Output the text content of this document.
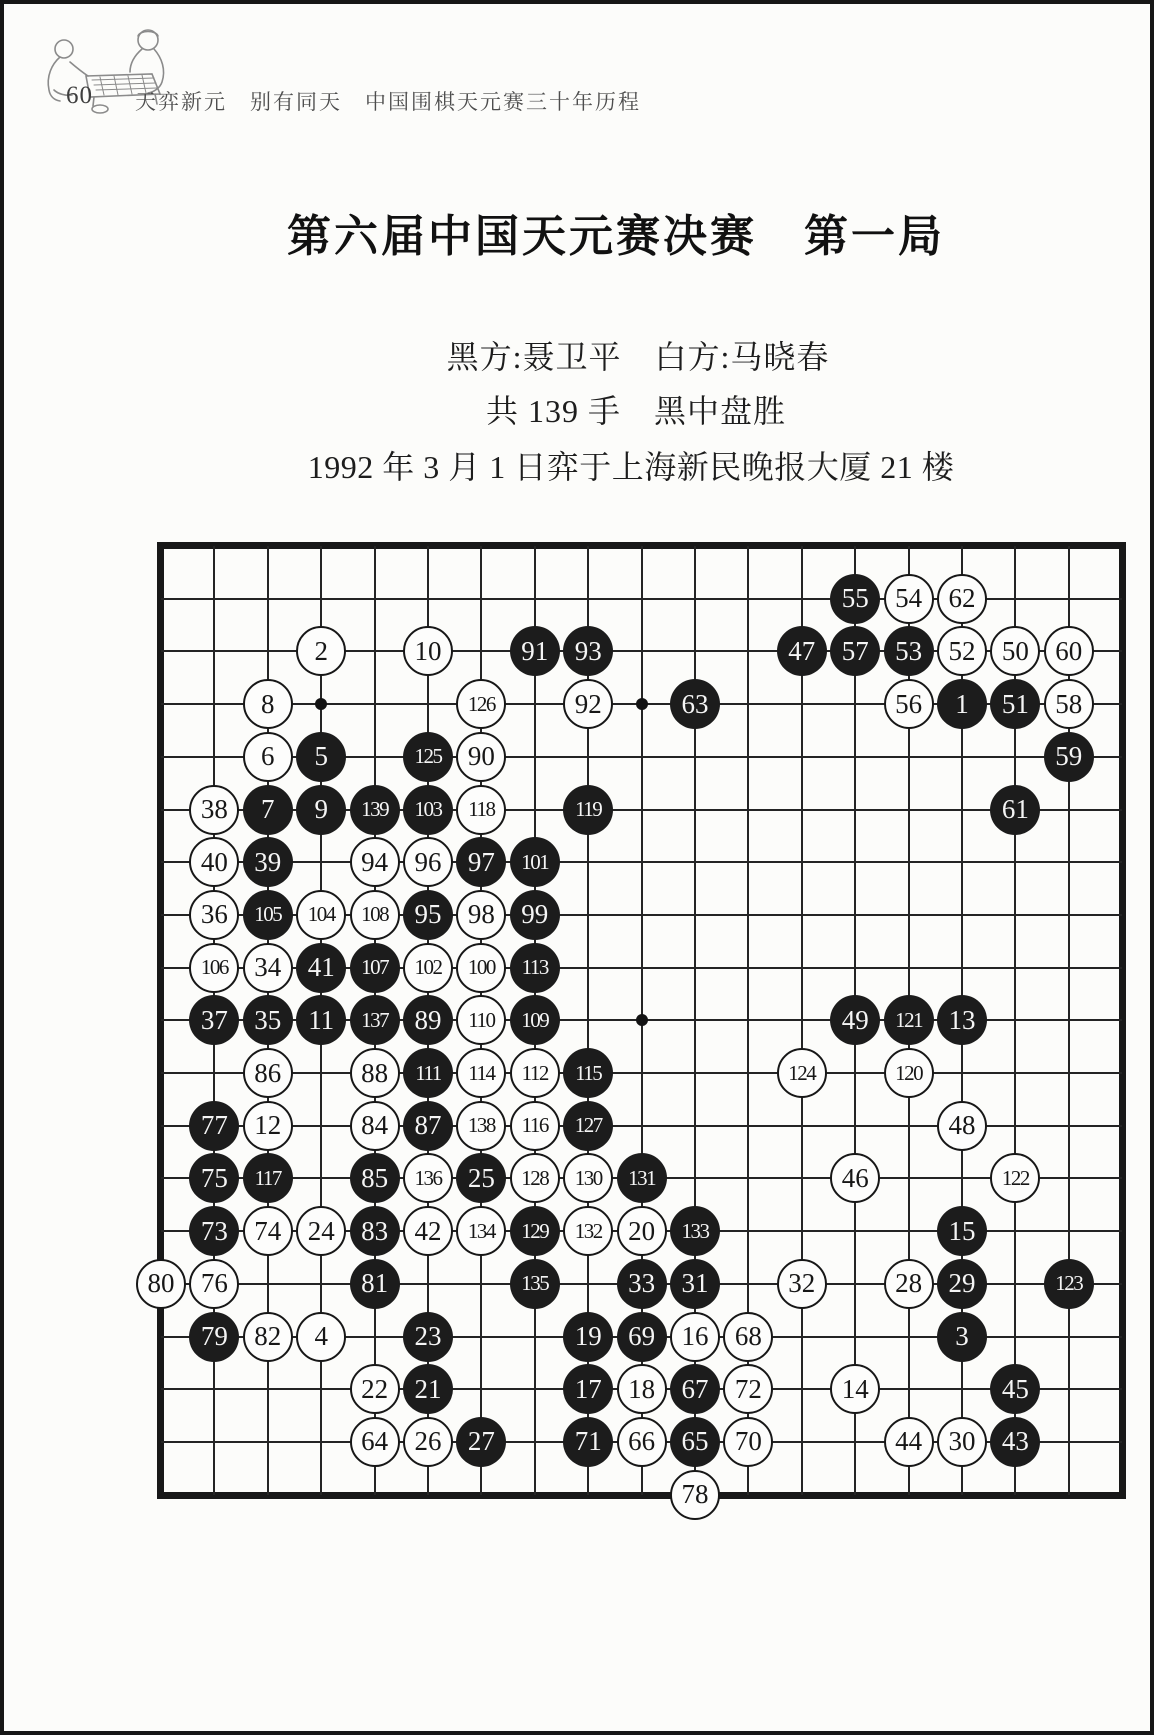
60 天弈新元　别有同天　中国围棋天元赛三十年历程
第六届中国天元赛决赛　第一局
黑方:聂卫平　白方:马晓春
共 139 手　黑中盘胜
1992 年 3 月 1 日弈于上海新民晚报大厦 21 楼
1
2
3
4
5
6
7
8
9
10
11
12
13
14
15
16
17 18
19
20
21
22
23
24
25
26 27
28 29
30
31	32
33
34
35
36
37
38
39
40
41
42
43
44
45
46
47
48
49
50
51
52
53
54
55
56
57
58
59
60
61
62
63
64	65
66
67
68
69
70
71
72
73 74
75
76
77
78
79
80	81
82
83
84
85
86
87
88
89
90
91
92
93
94
95
96 97
98 99
100
101
102
103
104
105
106	107
108
109
110
111	112
113
114	115
116
117
118	119
120
121
122
123
124
125
126
127
128
129
130	131
132	133
134
135
136
137
138
139
